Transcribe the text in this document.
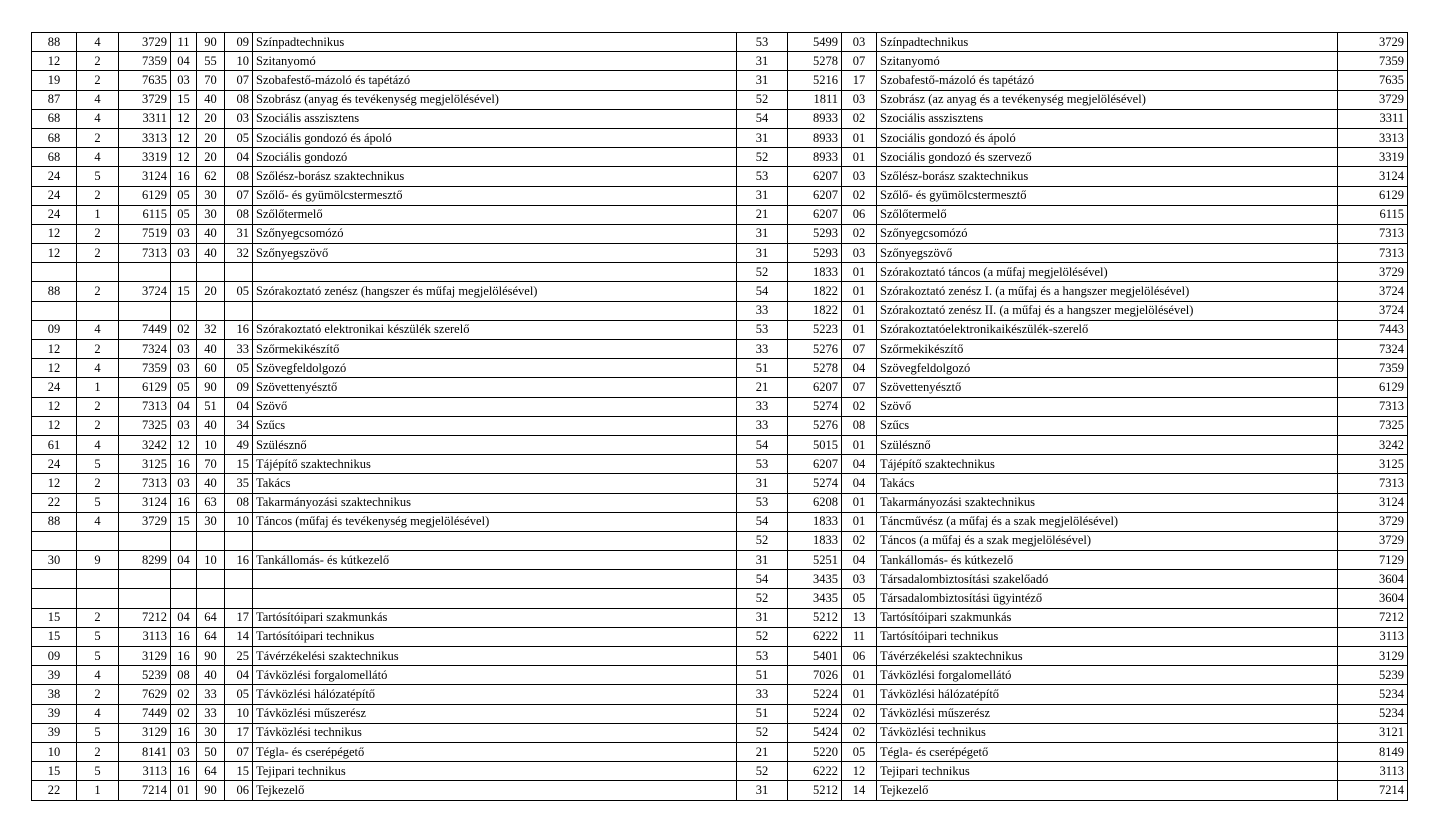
88	4	3729	11	90	09	Színpadtechnikus	53	5499	03	Színpadtechnikus	3729
12	2	7359	04	55	10	Szitanyomó	31	5278	07	Szitanyomó	7359
19	2	7635	03	70	07	Szobafestő-mázoló és tapétázó	31	5216	17	Szobafestő-mázoló és tapétázó	7635
87	4	3729	15	40	08	Szobrász (anyag és tevékenység megjelölésével)	52	1811	03	Szobrász (az anyag és a tevékenység megjelölésével)	3729
68	4	3311	12	20	03	Szociális asszisztens	54	8933	02	Szociális asszisztens	3311
68	2	3313	12	20	05	Szociális gondozó és ápoló	31	8933	01	Szociális gondozó és ápoló	3313
68	4	3319	12	20	04	Szociális gondozó	52	8933	01	Szociális gondozó és szervező	3319
24	5	3124	16	62	08	Szőlész-borász szaktechnikus	53	6207	03	Szőlész-borász szaktechnikus	3124
24	2	6129	05	30	07	Szőlő- és gyümölcstermesztő	31	6207	02	Szőlő- és gyümölcstermesztő	6129
24	1	6115	05	30	08	Szőlőtermelő	21	6207	06	Szőlőtermelő	6115
12	2	7519	03	40	31	Szőnyegcsomózó	31	5293	02	Szőnyegcsomózó	7313
12	2	7313	03	40	32	Szőnyegszövő	31	5293	03	Szőnyegszövő	7313
							52	1833	01	Szórakoztató táncos (a műfaj megjelölésével)	3729
88	2	3724	15	20	05	Szórakoztató zenész (hangszer és műfaj megjelölésével)	54	1822	01	Szórakoztató zenész I. (a műfaj és a hangszer megjelölésével)	3724
							33	1822	01	Szórakoztató zenész II. (a műfaj és a hangszer megjelölésével)	3724
09	4	7449	02	32	16	Szórakoztató elektronikai készülék szerelő	53	5223	01	Szórakoztatóelektronikaikészülék-szerelő	7443
12	2	7324	03	40	33	Szőrmekikészítő	33	5276	07	Szőrmekikészítő	7324
12	4	7359	03	60	05	Szövegfeldolgozó	51	5278	04	Szövegfeldolgozó	7359
24	1	6129	05	90	09	Szövettenyésztő	21	6207	07	Szövettenyésztő	6129
12	2	7313	04	51	04	Szövő	33	5274	02	Szövő	7313
12	2	7325	03	40	34	Szűcs	33	5276	08	Szűcs	7325
61	4	3242	12	10	49	Szülésznő	54	5015	01	Szülésznő	3242
24	5	3125	16	70	15	Tájépítő szaktechnikus	53	6207	04	Tájépítő szaktechnikus	3125
12	2	7313	03	40	35	Takács	31	5274	04	Takács	7313
22	5	3124	16	63	08	Takarmányozási szaktechnikus	53	6208	01	Takarmányozási szaktechnikus	3124
88	4	3729	15	30	10	Táncos (műfaj és tevékenység megjelölésével)	54	1833	01	Táncművész (a műfaj és a szak megjelölésével)	3729
							52	1833	02	Táncos (a műfaj és a szak megjelölésével)	3729
30	9	8299	04	10	16	Tankállomás- és kútkezelő	31	5251	04	Tankállomás- és kútkezelő	7129
							54	3435	03	Társadalombiztosítási szakelőadó	3604
							52	3435	05	Társadalombiztosítási ügyintéző	3604
15	2	7212	04	64	17	Tartósítóipari szakmunkás	31	5212	13	Tartósítóipari szakmunkás	7212
15	5	3113	16	64	14	Tartósítóipari technikus	52	6222	11	Tartósítóipari technikus	3113
09	5	3129	16	90	25	Távérzékelési szaktechnikus	53	5401	06	Távérzékelési szaktechnikus	3129
39	4	5239	08	40	04	Távközlési forgalomellátó	51	7026	01	Távközlési forgalomellátó	5239
38	2	7629	02	33	05	Távközlési hálózatépítő	33	5224	01	Távközlési hálózatépítő	5234
39	4	7449	02	33	10	Távközlési műszerész	51	5224	02	Távközlési műszerész	5234
39	5	3129	16	30	17	Távközlési technikus	52	5424	02	Távközlési technikus	3121
10	2	8141	03	50	07	Tégla- és cserépégető	21	5220	05	Tégla- és cserépégető	8149
15	5	3113	16	64	15	Tejipari technikus	52	6222	12	Tejipari technikus	3113
22	1	7214	01	90	06	Tejkezelő	31	5212	14	Tejkezelő	7214
